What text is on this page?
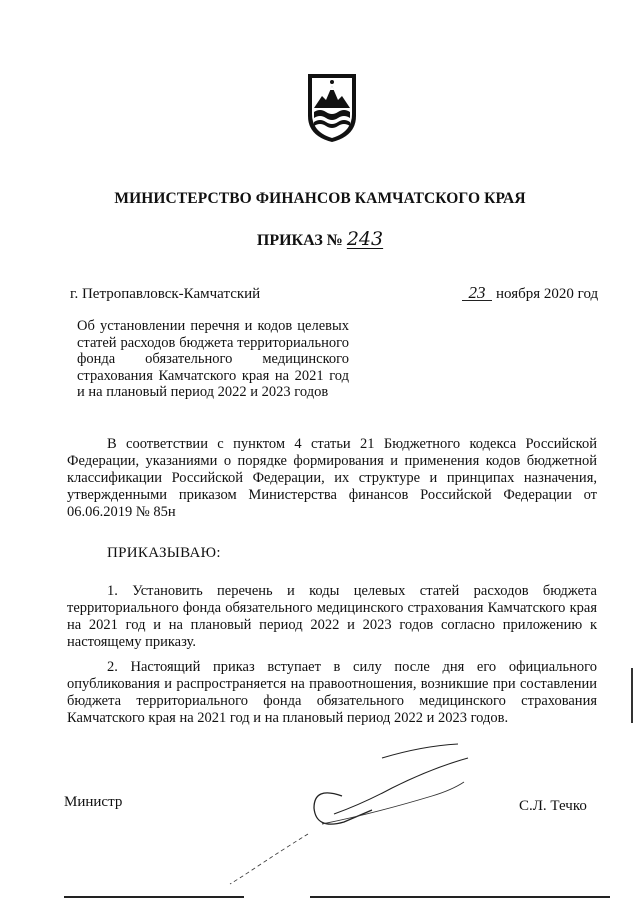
МИНИСТЕРСТВО ФИНАНСОВ КАМЧАТСКОГО КРАЯ
ПРИКАЗ № 243
г. Петропавловск-Камчатский	23 ноября 2020 год
Об установлении перечня и кодов целевых статей расходов бюджета территориального фонда обязательного медицинского страхования Камчатского края на 2021 год и на плановый период 2022 и 2023 годов

В соответствии с пунктом 4 статьи 21 Бюджетного кодекса Российской Федерации, указаниями о порядке формирования и применения кодов бюджетной классификации Российской Федерации, их структуре и принципах назначения, утвержденными приказом Министерства финансов Российской Федерации от 06.06.2019 № 85н

ПРИКАЗЫВАЮ:

1. Установить перечень и коды целевых статей расходов бюджета территориального фонда обязательного медицинского страхования Камчатского края на 2021 год и на плановый период 2022 и 2023 годов согласно приложению к настоящему приказу.

2. Настоящий приказ вступает в силу после дня его официального опубликования и распространяется на правоотношения, возникшие при составлении бюджета территориального фонда обязательного медицинского страхования Камчатского края на 2021 год и на плановый период 2022 и 2023 годов.

Министр	С.Л. Течко
